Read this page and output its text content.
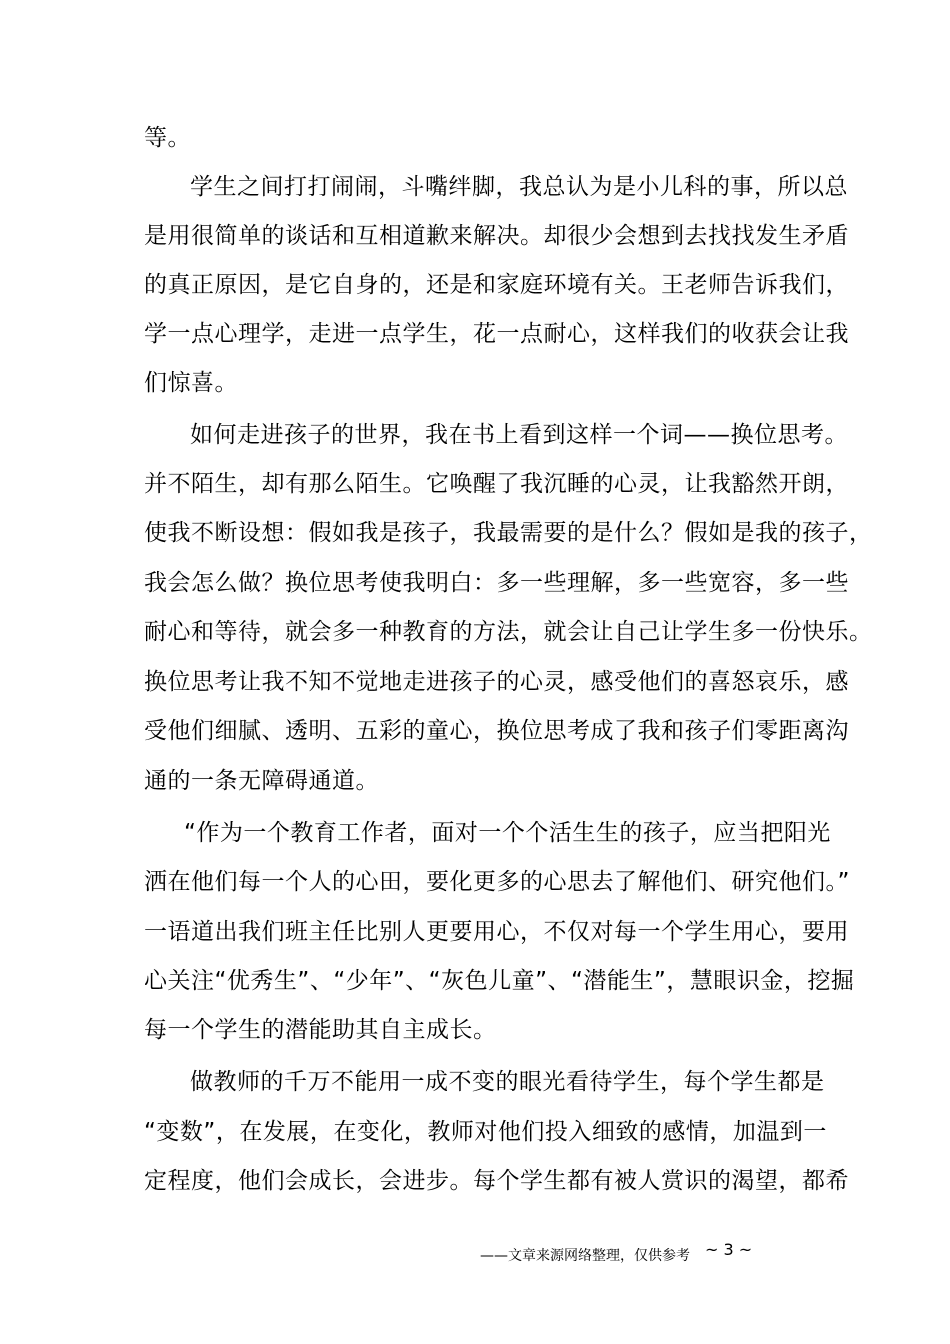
等。
学生之间打打闹闹，斗嘴绊脚，我总认为是小儿科的事，所以总
是用很简单的谈话和互相道歉来解决。却很少会想到去找找发生矛盾
的真正原因，是它自身的，还是和家庭环境有关。王老师告诉我们，
学一点心理学，走进一点学生，花一点耐心，这样我们的收获会让我
们惊喜。
如何走进孩子的世界，我在书上看到这样一个词——换位思考。
并不陌生，却有那么陌生。它唤醒了我沉睡的心灵，让我豁然开朗，
使我不断设想：假如我是孩子，我最需要的是什么？假如是我的孩子，
我会怎么做？换位思考使我明白：多一些理解，多一些宽容，多一些
耐心和等待，就会多一种教育的方法，就会让自己让学生多一份快乐。
换位思考让我不知不觉地走进孩子的心灵，感受他们的喜怒哀乐，感
受他们细腻、透明、五彩的童心，换位思考成了我和孩子们零距离沟
通的一条无障碍通道。
“作为一个教育工作者，面对一个个活生生的孩子，应当把阳光
洒在他们每一个人的心田，要化更多的心思去了解他们、研究他们。”
一语道出我们班主任比别人更要用心，不仅对每一个学生用心，要用
心关注“优秀生”、“少年”、“灰色儿童”、“潜能生”，慧眼识金，挖掘
每一个学生的潜能助其自主成长。
做教师的千万不能用一成不变的眼光看待学生，每个学生都是
“变数”，在发展，在变化，教师对他们投入细致的感情，加温到一
定程度，他们会成长，会进步。每个学生都有被人赏识的渴望，都希
——文章来源网络整理，仅供参考 ~ 3 ~
